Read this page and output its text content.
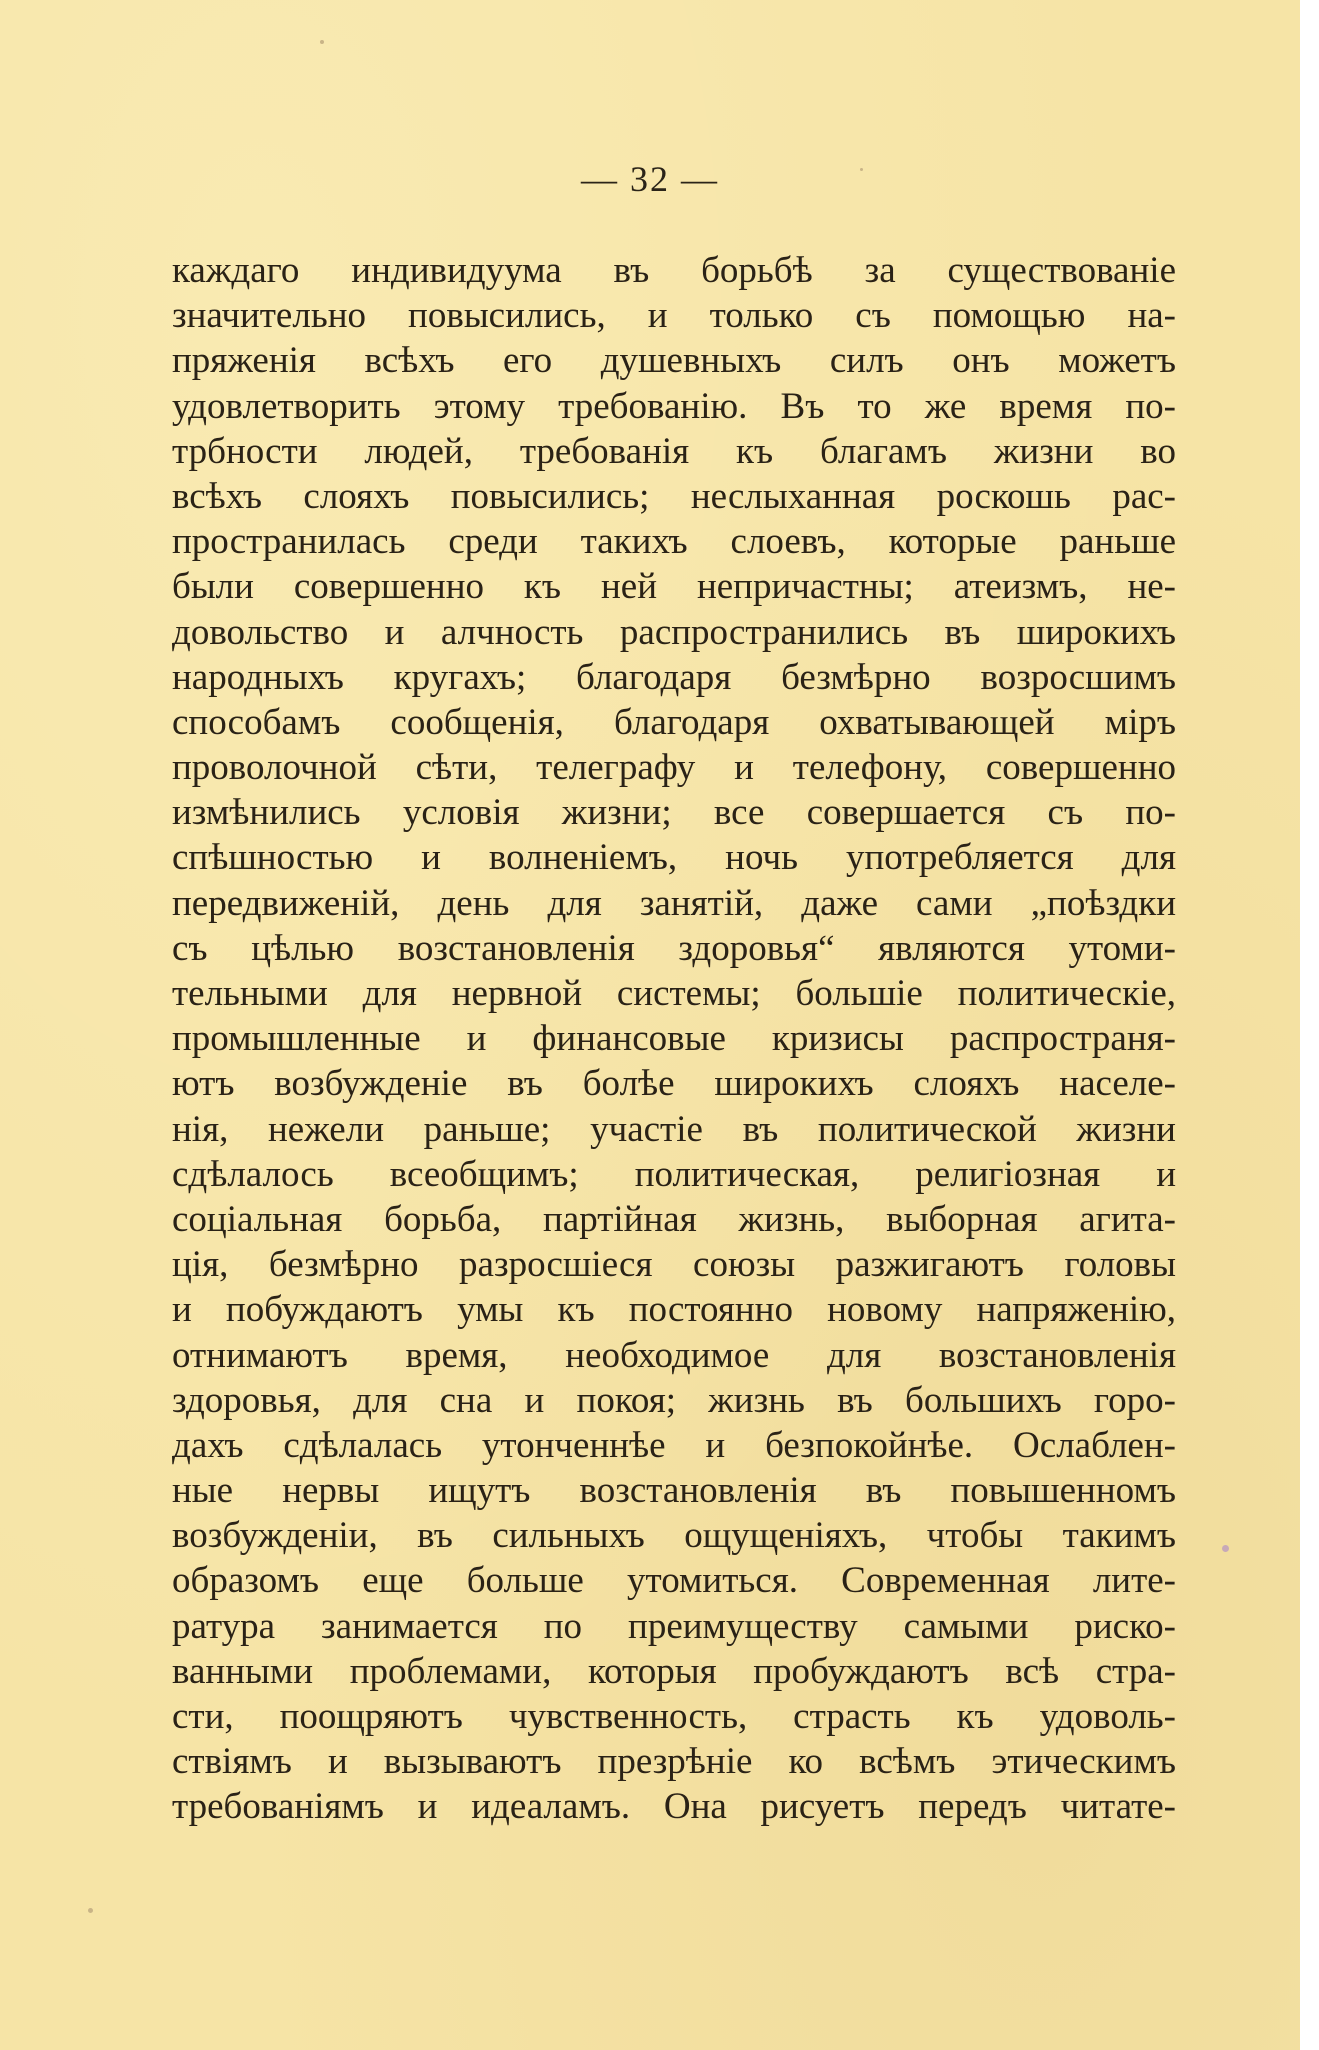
— 32 —
каждаго индивидуума въ борьбѣ за существованіе
значительно повысились, и только съ помощью на-
пряженія всѣхъ его душевныхъ силъ онъ можетъ
удовлетворить этому требованію. Въ то же время по-
трбности людей, требованія къ благамъ жизни во
всѣхъ слояхъ повысились; неслыханная роскошь рас-
пространилась среди такихъ слоевъ, которые раньше
были совершенно къ ней непричастны; атеизмъ, не-
довольство и алчность распространились въ широкихъ
народныхъ кругахъ; благодаря безмѣрно возросшимъ
способамъ сообщенія, благодаря охватывающей міръ
проволочной сѣти, телеграфу и телефону, совершенно
измѣнились условія жизни; все совершается съ по-
спѣшностью и волненіемъ, ночь употребляется для
передвиженій, день для занятій, даже сами „поѣздки
съ цѣлью возстановленія здоровья“ являются утоми-
тельными для нервной системы; большіе политическіе,
промышленные и финансовые кризисы распространя-
ютъ возбужденіе въ болѣе широкихъ слояхъ населе-
нія, нежели раньше; участіе въ политической жизни
сдѣлалось всеобщимъ; политическая, религіозная и
соціальная борьба, партійная жизнь, выборная агита-
ція, безмѣрно разросшіеся союзы разжигаютъ головы
и побуждаютъ умы къ постоянно новому напряженію,
отнимаютъ время, необходимое для возстановленія
здоровья, для сна и покоя; жизнь въ большихъ горо-
дахъ сдѣлалась утонченнѣе и безпокойнѣе. Ослаблен-
ные нервы ищутъ возстановленія въ повышенномъ
возбужденіи, въ сильныхъ ощущеніяхъ, чтобы такимъ
образомъ еще больше утомиться. Современная лите-
ратура занимается по преимуществу самыми риско-
ванными проблемами, которыя пробуждаютъ всѣ стра-
сти, поощряютъ чувственность, страсть къ удоволь-
ствіямъ и вызываютъ презрѣніе ко всѣмъ этическимъ
требованіямъ и идеаламъ. Она рисуетъ передъ читате-
